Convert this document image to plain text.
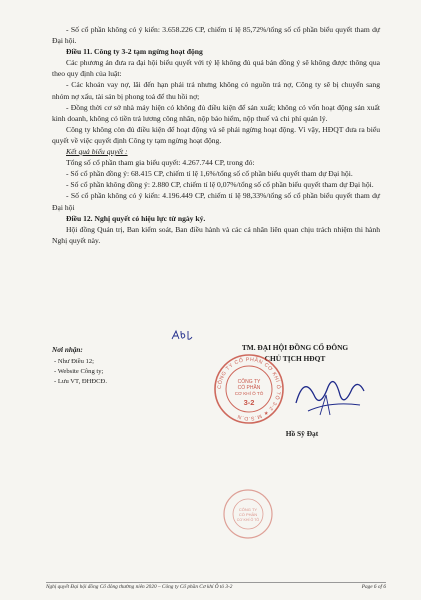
- Số cổ phần không có ý kiến: 3.658.226 CP, chiếm tỉ lệ 85,72%/tổng số cổ phần biểu quyết tham dự Đại hội.

Điều 11. Công ty 3-2 tạm ngừng hoạt động

Các phương án đưa ra đại hội biểu quyết với tỷ lệ không đủ quá bán đồng ý sẽ không được thông qua theo quy định của luật:

- Các khoản vay nợ, lãi đến hạn phải trả nhưng không có nguồn trả nợ, Công ty sẽ bị chuyển sang nhóm nợ xấu, tài sản bị phong toả để thu hồi nợ;

- Đồng thời cơ sở nhà máy hiện có không đủ điều kiện để sản xuất; không có vốn hoạt động sản xuất kinh doanh, không có tiền trả lương công nhân, nộp bảo hiểm, nộp thuế và chi phí quản lý.

Công ty không còn đủ điều kiện để hoạt động và sẽ phải ngừng hoạt động. Vì vậy, HĐQT đưa ra biểu quyết về việc quyết định Công ty tạm ngừng hoạt động.

Kết quả biểu quyết :

Tổng số cổ phần tham gia biểu quyết: 4.267.744 CP, trong đó:

- Số cổ phần đồng ý: 68.415 CP, chiếm tỉ lệ 1,6%/tổng số cổ phần biểu quyết tham dự Đại hội.

- Số cổ phần không đồng ý: 2.880 CP, chiếm tỉ lệ 0,07%/tổng số cổ phần biểu quyết tham dự Đại hội.

- Số cổ phần không có ý kiến: 4.196.449 CP, chiếm tỉ lệ 98,33%/tổng số cổ phần biểu quyết tham dự Đại hội

Điều 12. Nghị quyết có hiệu lực từ ngày ký.

Hội đồng Quản trị, Ban kiểm soát, Ban điều hành và các cá nhân liên quan chịu trách nhiệm thi hành Nghị quyết này.

Nơi nhận:
- Như Điều 12;
- Website Công ty;
- Lưu VT, ĐHĐCĐ.
TM. ĐẠI HỘI ĐỒNG CỔ ĐÔNG
CHỦ TỊCH HĐQT
CÔNG TY CỔ PHẦN CƠ KHÍ Ô TÔ 3-2 ★ M.S.D.N
CÔNG TY
CỔ PHẦN
CƠ KHÍ Ô TÔ
3-2
Hồ Sỹ Đạt
CÔNG TY
CỔ PHẦN
CƠ KHÍ Ô TÔ
Nghị quyết Đại hội đồng Cổ đông thường niên 2020 – Công ty Cổ phần Cơ khí Ô tô 3-2	Page 6 of 6
